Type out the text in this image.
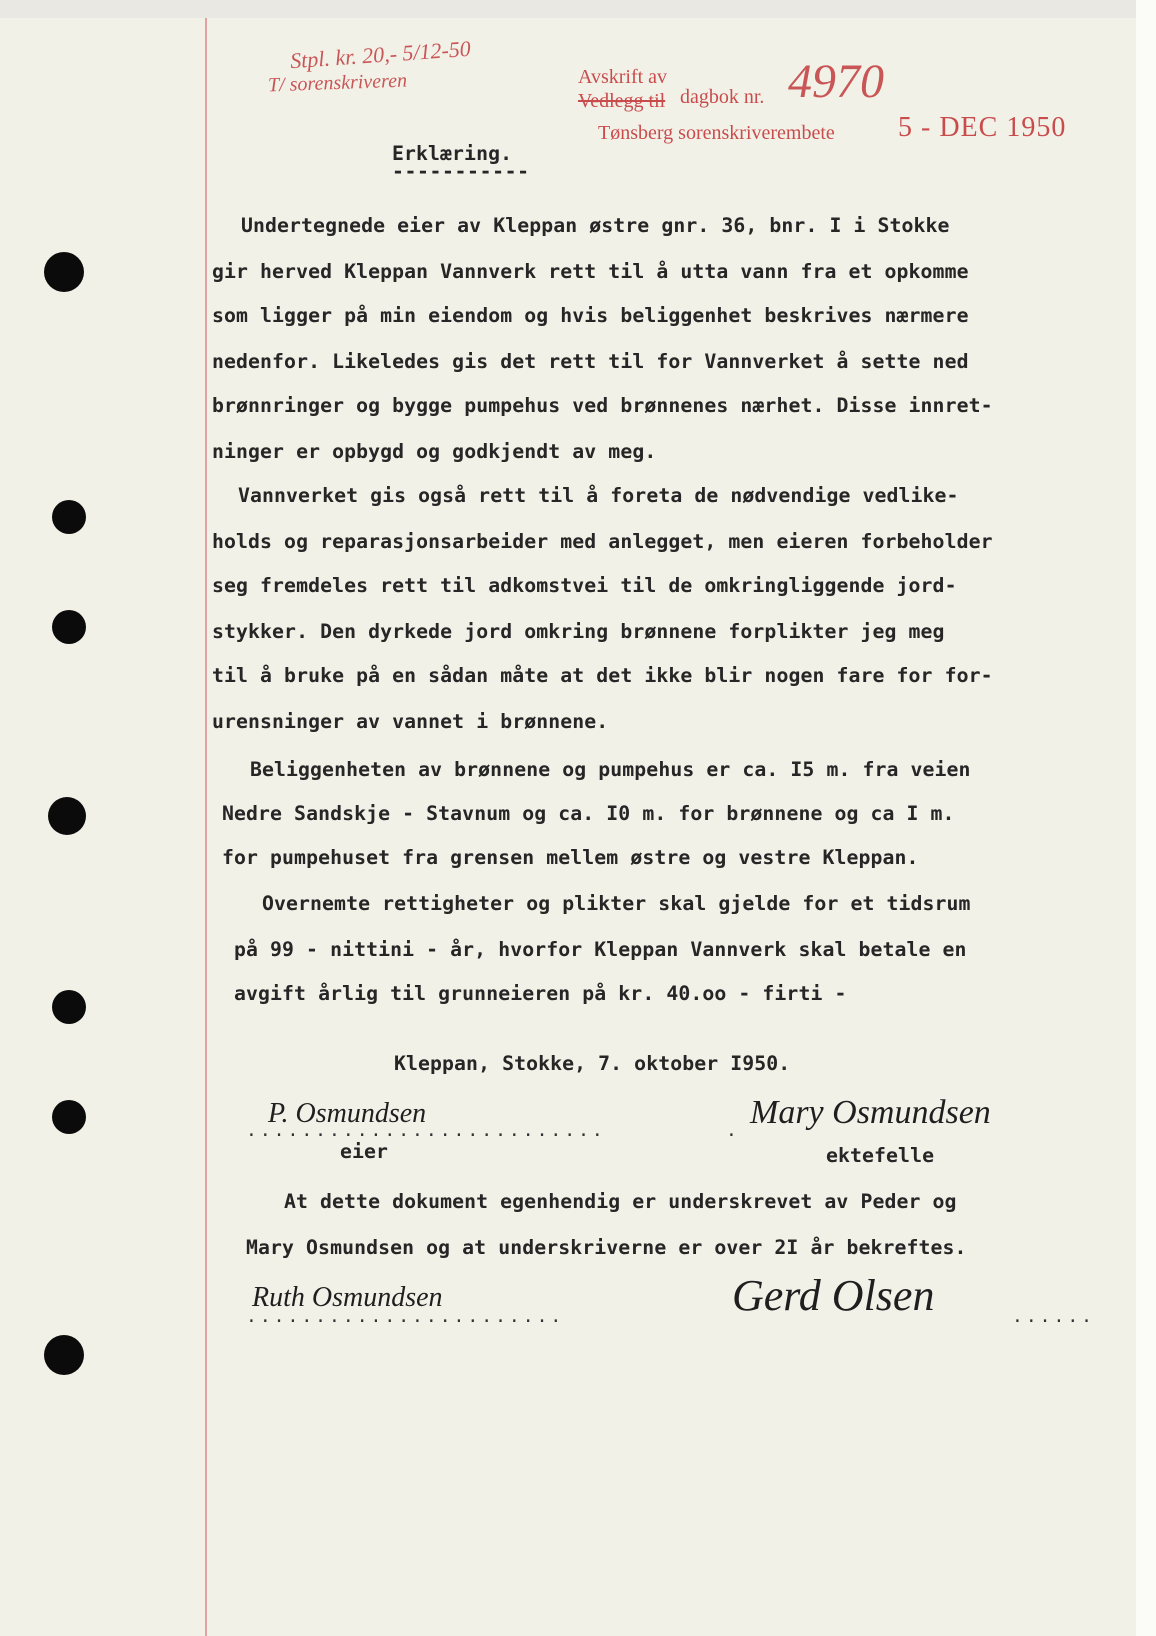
Stpl. kr. 20,- 5/12-50
T/ sorenskriveren	Avskrift av
Vedlegg til dagbok nr. 4970
Tønsberg sorenskriverembete 5 - DEC 1950
Erklæring.
-----------
Undertegnede eier av Kleppan østre gnr. 36, bnr. I i Stokke
gir herved Kleppan Vannverk rett til å utta vann fra et opkomme
som ligger på min eiendom og hvis beliggenhet beskrives nærmere
nedenfor. Likeledes gis det rett til for Vannverket å sette ned
brønnringer og bygge pumpehus ved brønnenes nærhet. Disse innret-
ninger er opbygd og godkjendt av meg.
Vannverket gis også rett til å foreta de nødvendige vedlike-
holds og reparasjonsarbeider med anlegget, men eieren forbeholder
seg fremdeles rett til adkomstvei til de omkringliggende jord-
stykker. Den dyrkede jord omkring brønnene forplikter jeg meg
til å bruke på en sådan måte at det ikke blir nogen fare for for-
urensninger av vannet i brønnene.
Beliggenheten av brønnene og pumpehus er ca. I5 m. fra veien
Nedre Sandskje - Stavnum og ca. I0 m. for brønnene og ca I m.
for pumpehuset fra grensen mellem østre og vestre Kleppan.
Overnemte rettigheter og plikter skal gjelde for et tidsrum
på 99 - nittini - år, hvorfor Kleppan Vannverk skal betale en
avgift årlig til grunneieren på kr. 40.oo - firti -
Kleppan, Stokke, 7. oktober I950.
P. Osmundsen
..........................
eier
Mary Osmundsen
.
ektefelle
At dette dokument egenhendig er underskrevet av Peder og
Mary Osmundsen og at underskriverne er over 2I år bekreftes.
Ruth Osmundsen
.......................	Gerd Olsen	......
